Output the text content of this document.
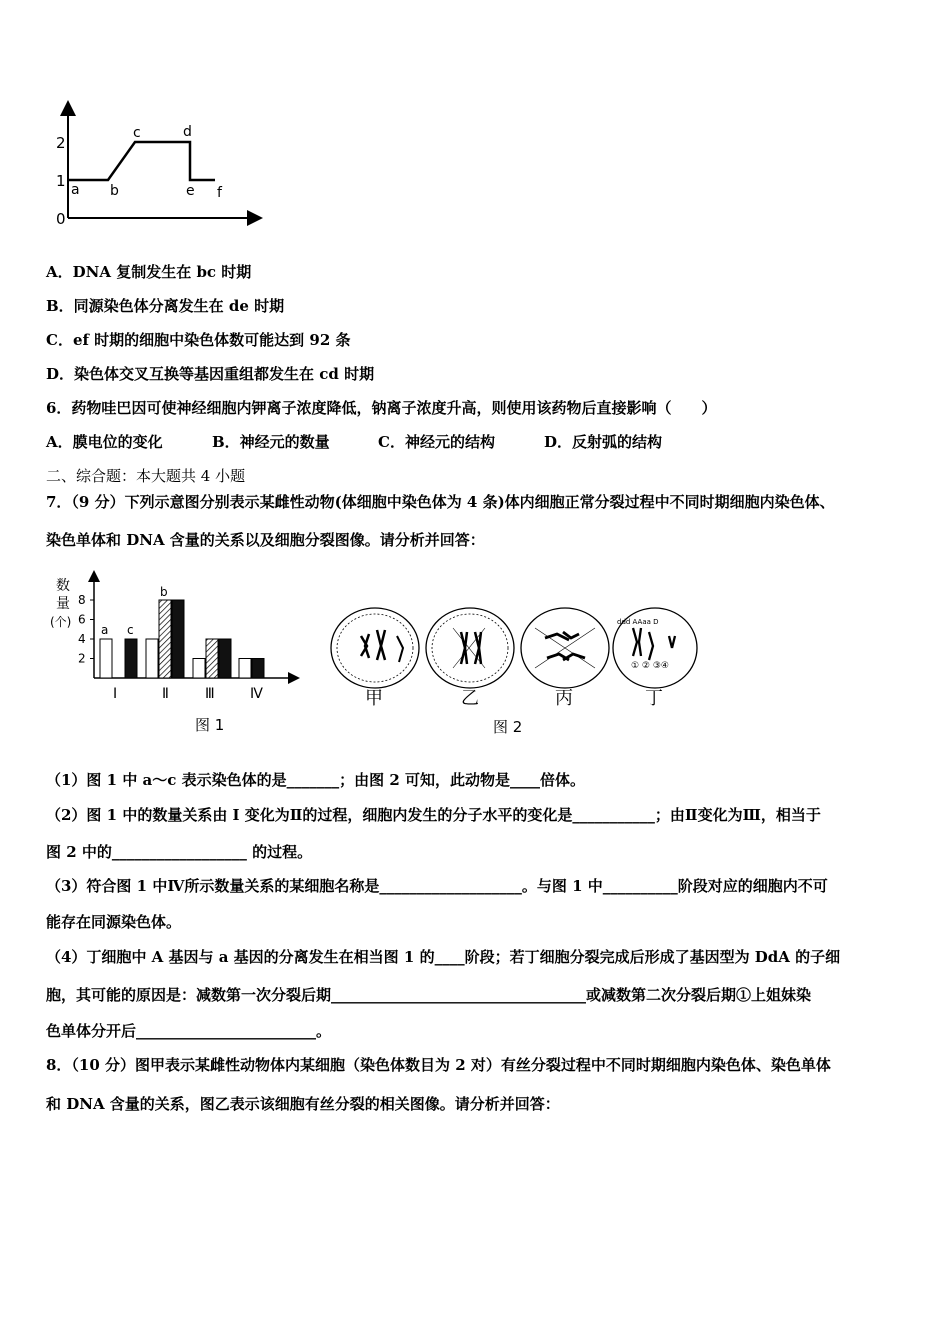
2
1
0
a b
c	d
e f
A．DNA 复制发生在 bc 时期
B．同源染色体分离发生在 de 时期
C．ef 时期的细胞中染色体数可能达到 92 条
D．染色体交叉互换等基因重组都发生在 cd 时期
6．药物哇巴因可使神经细胞内钾离子浓度降低，钠离子浓度升高，则使用该药物后直接影响（　　）
A．膜电位的变化	B．神经元的数量	C．神经元的结构	D．反射弧的结构
二、综合题：本大题共 4 小题
7．（9 分）下列示意图分别表示某雌性动物(体细胞中染色体为 4 条)体内细胞正常分裂过程中不同时期细胞内染色体、
染色单体和 DNA 含量的关系以及细胞分裂图像。请分析并回答：
数
量
(个)
2
4
6
8
a c
b
Ⅰ	Ⅱ	Ⅲ	Ⅳ
图 1
ddd AAaa D
① ② ③④
甲	乙	丙	丁
图 2
（1）图 1 中 a～c 表示染色体的是_______；由图 2 可知，此动物是____倍体。
（2）图 1 中的数量关系由 I 变化为Ⅱ的过程，细胞内发生的分子水平的变化是___________；由Ⅱ变化为Ⅲ，相当于
图 2 中的__________________ 的过程。
（3）符合图 1 中Ⅳ所示数量关系的某细胞名称是___________________。与图 1 中__________阶段对应的细胞内不可
能存在同源染色体。
（4）丁细胞中 A 基因与 a 基因的分离发生在相当图 1 的____阶段；若丁细胞分裂完成后形成了基因型为 DdA 的子细
胞，其可能的原因是：减数第一次分裂后期__________________________________或减数第二次分裂后期①上姐妹染
色单体分开后________________________。
8．（10 分）图甲表示某雌性动物体内某细胞（染色体数目为 2 对）有丝分裂过程中不同时期细胞内染色体、染色单体
和 DNA 含量的关系，图乙表示该细胞有丝分裂的相关图像。请分析并回答：
